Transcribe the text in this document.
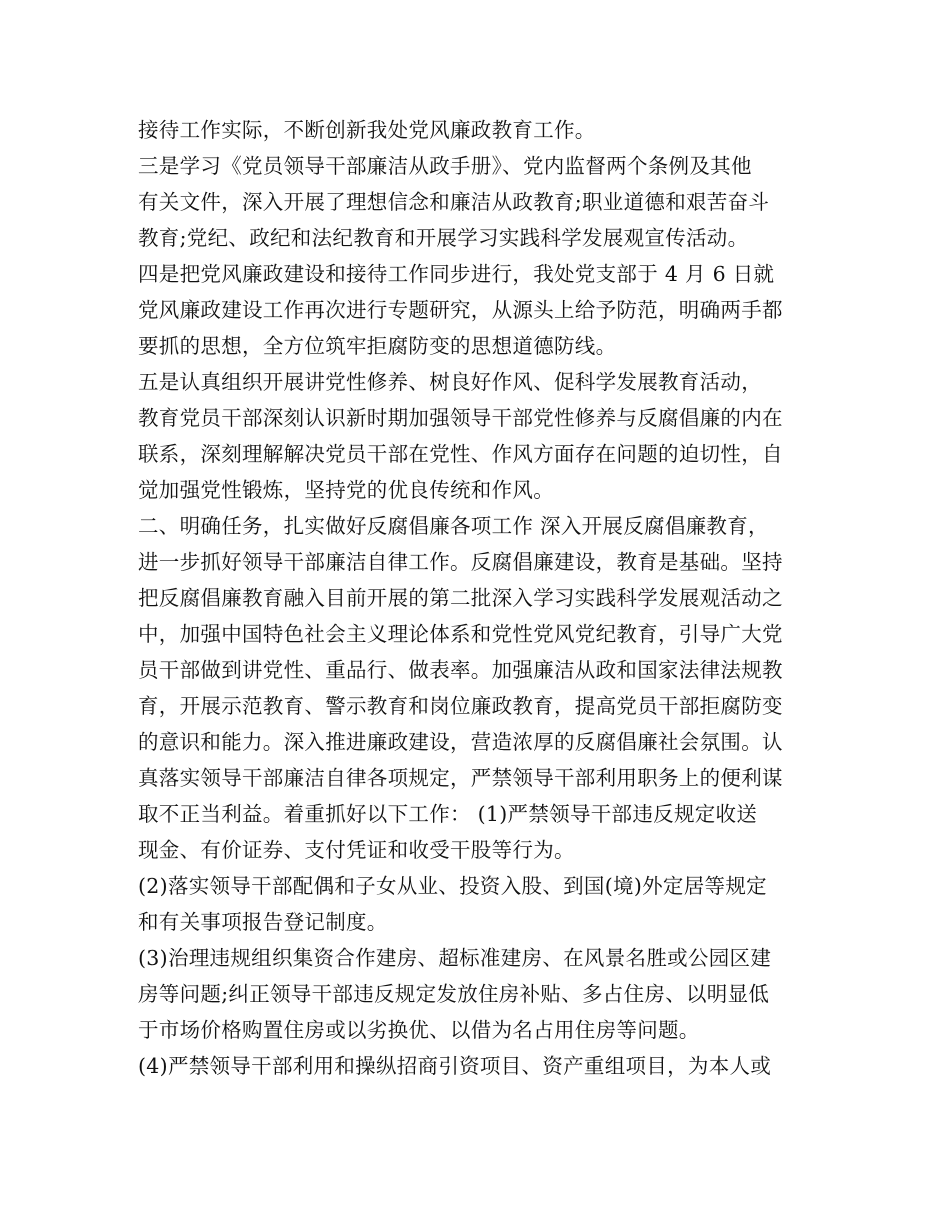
接待工作实际，不断创新我处党风廉政教育工作。
三是学习《党员领导干部廉洁从政手册》、党内监督两个条例及其他
有关文件，深入开展了理想信念和廉洁从政教育;职业道德和艰苦奋斗
教育;党纪、政纪和法纪教育和开展学习实践科学发展观宣传活动。
四是把党风廉政建设和接待工作同步进行，我处党支部于 4 月 6 日就
党风廉政建设工作再次进行专题研究，从源头上给予防范，明确两手都
要抓的思想，全方位筑牢拒腐防变的思想道德防线。
五是认真组织开展讲党性修养、树良好作风、促科学发展教育活动，
教育党员干部深刻认识新时期加强领导干部党性修养与反腐倡廉的内在
联系，深刻理解解决党员干部在党性、作风方面存在问题的迫切性，自
觉加强党性锻炼，坚持党的优良传统和作风。
二、明确任务，扎实做好反腐倡廉各项工作 深入开展反腐倡廉教育，
进一步抓好领导干部廉洁自律工作。反腐倡廉建设，教育是基础。坚持
把反腐倡廉教育融入目前开展的第二批深入学习实践科学发展观活动之
中，加强中国特色社会主义理论体系和党性党风党纪教育，引导广大党
员干部做到讲党性、重品行、做表率。加强廉洁从政和国家法律法规教
育，开展示范教育、警示教育和岗位廉政教育，提高党员干部拒腐防变
的意识和能力。深入推进廉政建设，营造浓厚的反腐倡廉社会氛围。认
真落实领导干部廉洁自律各项规定，严禁领导干部利用职务上的便利谋
取不正当利益。着重抓好以下工作： (1)严禁领导干部违反规定收送
现金、有价证券、支付凭证和收受干股等行为。
(2)落实领导干部配偶和子女从业、投资入股、到国(境)外定居等规定
和有关事项报告登记制度。
(3)治理违规组织集资合作建房、超标准建房、在风景名胜或公园区建
房等问题;纠正领导干部违反规定发放住房补贴、多占住房、以明显低
于市场价格购置住房或以劣换优、以借为名占用住房等问题。
(4)严禁领导干部利用和操纵招商引资项目、资产重组项目，为本人或
